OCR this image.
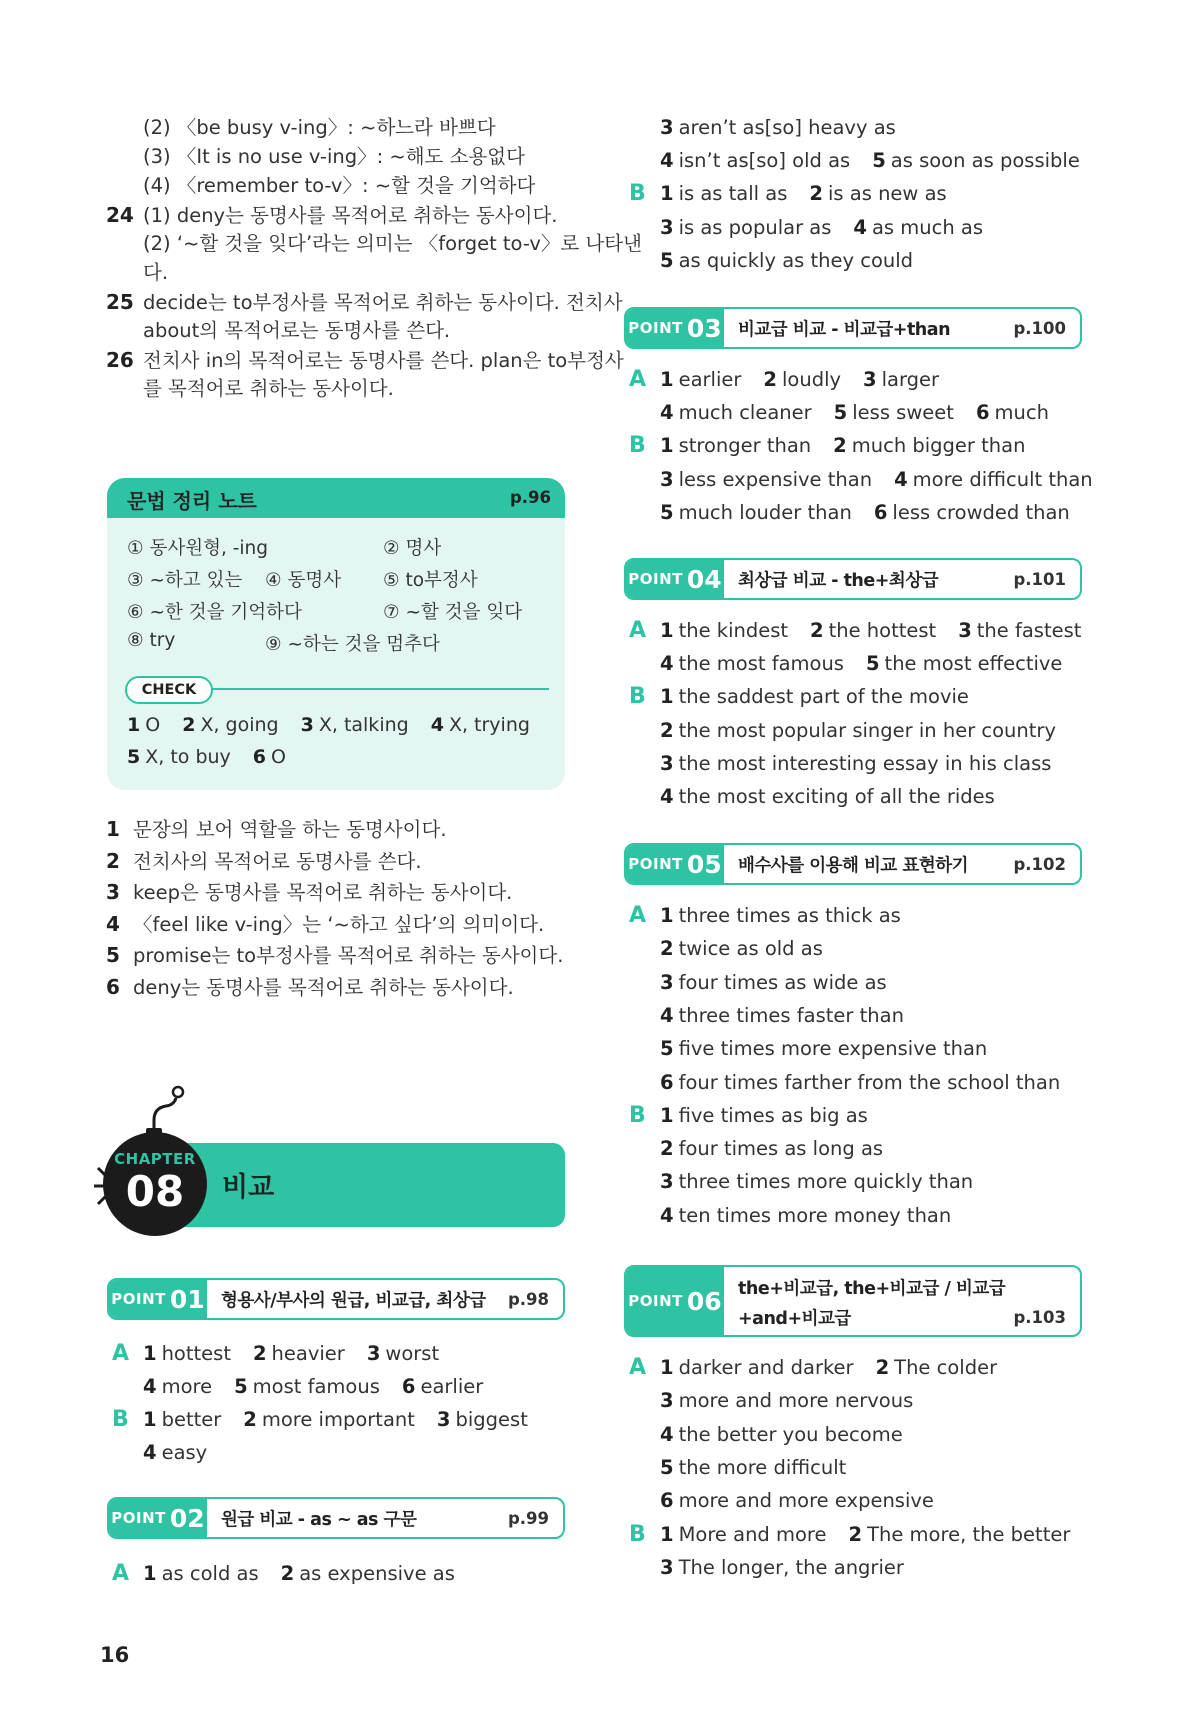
(2) 〈be busy v-ing〉: ~하느라 바쁘다
(3) 〈It is no use v-ing〉: ~해도 소용없다
(4) 〈remember to-v〉: ~할 것을 기억하다
24 (1) deny는 동명사를 목적어로 취하는 동사이다.
(2) ‘~할 것을 잊다’라는 의미는 〈forget to-v〉로 나타낸
다.
25 decide는 to부정사를 목적어로 취하는 동사이다. 전치사
about의 목적어로는 동명사를 쓴다.
26 전치사 in의 목적어로는 동명사를 쓴다. plan은 to부정사
를 목적어로 취하는 동사이다.
문법 정리 노트	p.96
① 동사원형, -ing	② 명사
③ ~하고 있는 ④ 동명사 ⑤ to부정사
⑥ ~한 것을 기억하다	⑦ ~할 것을 잊다
⑧ try	⑨ ~하는 것을 멈추다
CHECK
1 O 2 X, going 3 X, talking 4 X, trying
5 X, to buy 6 O
1 문장의 보어 역할을 하는 동명사이다.
2 전치사의 목적어로 동명사를 쓴다.
3 keep은 동명사를 목적어로 취하는 동사이다.
4 〈feel like v-ing〉는 ‘~하고 싶다’의 의미이다.
5 promise는 to부정사를 목적어로 취하는 동사이다.
6 deny는 동명사를 목적어로 취하는 동사이다.
비교
CHAPTER
08
POINT 01 형용사/부사의 원급, 비교급, 최상급 p.98
A 1 hottest 2 heavier 3 worst
4 more 5 most famous 6 earlier
B 1 better 2 more important 3 biggest
4 easy
POINT 02 원급 비교 - as ~ as 구문	p.99
A 1 as cold as 2 as expensive as
16
3 aren’t as[so] heavy as
4 isn’t as[so] old as 5 as soon as possible
B 1 is as tall as 2 is as new as
3 is as popular as 4 as much as
5 as quickly as they could
POINT 03 비교급 비교 - 비교급+than	p.100
A 1 earlier 2 loudly 3 larger
4 much cleaner 5 less sweet 6 much
B 1 stronger than 2 much bigger than
3 less expensive than 4 more difficult than
5 much louder than 6 less crowded than
POINT 04 최상급 비교 - the+최상급	p.101
A 1 the kindest 2 the hottest 3 the fastest
4 the most famous 5 the most effective
B 1 the saddest part of the movie
2 the most popular singer in her country
3 the most interesting essay in his class
4 the most exciting of all the rides
POINT 05 배수사를 이용해 비교 표현하기	p.102
A 1 three times as thick as
2 twice as old as
3 four times as wide as
4 three times faster than
5 five times more expensive than
6 four times farther from the school than
B 1 five times as big as
2 four times as long as
3 three times more quickly than
4 ten times more money than
POINT 06 the+비교급, the+비교급 / 비교급
+and+비교급	p.103
A 1 darker and darker 2 The colder
3 more and more nervous
4 the better you become
5 the more difficult
6 more and more expensive
B 1 More and more 2 The more, the better
3 The longer, the angrier
